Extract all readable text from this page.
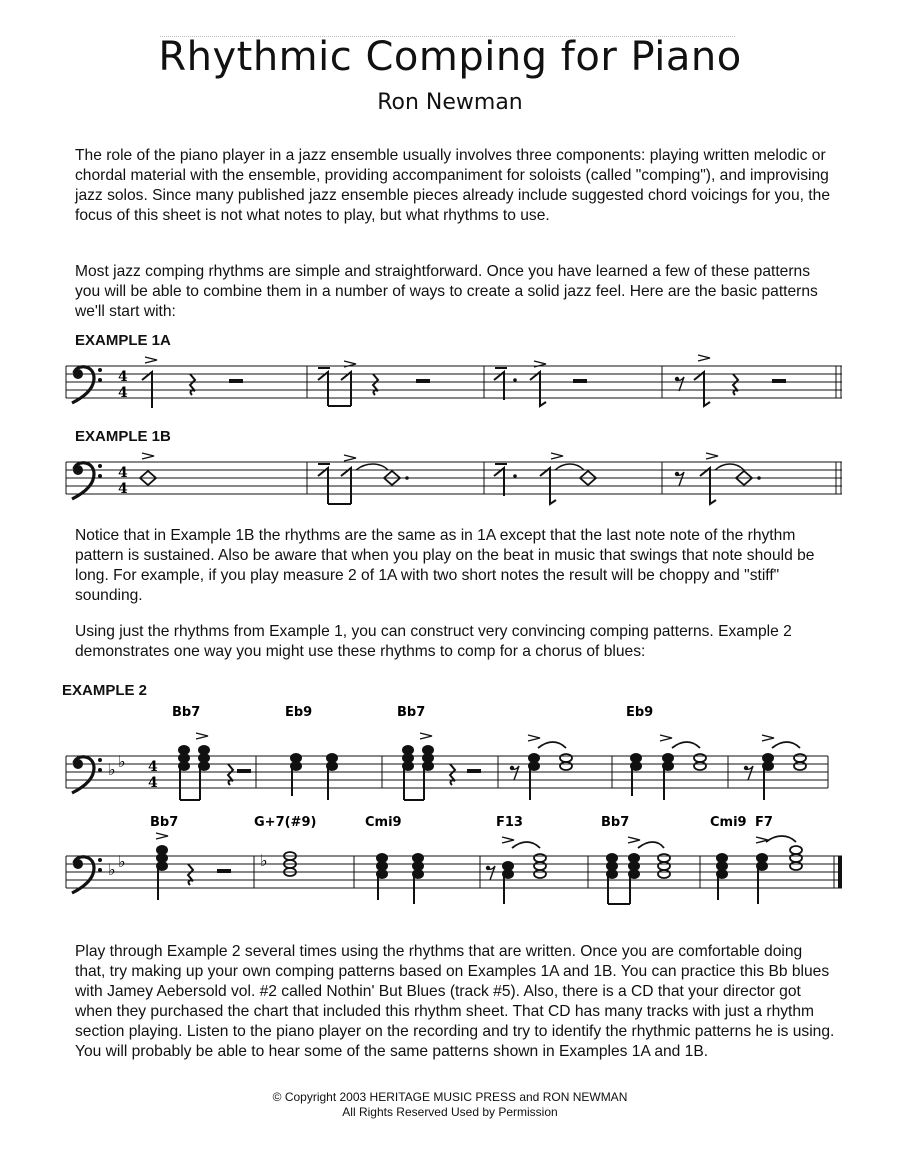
Rhythmic Comping for Piano
Ron Newman

The role of the piano player in a jazz ensemble usually involves three components: playing written melodic or chordal material with the ensemble, providing accompaniment for soloists (called "comping"), and improvising jazz solos. Since many published jazz ensemble pieces already include suggested chord voicings for you, the focus of this sheet is not what notes to play, but what rhythms to use.

Most jazz comping rhythms are simple and straightforward. Once you have learned a few of these patterns you will be able to combine them in a number of ways to create a solid jazz feel. Here are the basic patterns we'll start with:

EXAMPLE 1A
EXAMPLE 1B

Notice that in Example 1B the rhythms are the same as in 1A except that the last note note of the rhythm pattern is sustained. Also be aware that when you play on the beat in music that swings that note should be long. For example, if you play measure 2 of 1A with two short notes the result will be choppy and "stiff" sounding.

Using just the rhythms from Example 1, you can construct very convincing comping patterns. Example 2 demonstrates one way you might use these rhythms to comp for a chorus of blues:

EXAMPLE 2

Play through Example 2 several times using the rhythms that are written. Once you are comfortable doing that, try making up your own comping patterns based on Examples 1A and 1B. You can practice this Bb blues with Jamey Aebersold vol. #2 called Nothin' But Blues (track #5). Also, there is a CD that your director got when they purchased the chart that included this rhythm sheet. That CD has many tracks with just a rhythm section playing. Listen to the piano player on the recording and try to identify the rhythmic patterns he is using. You will probably be able to hear some of the same patterns shown in Examples 1A and 1B.

© Copyright 2003 HERITAGE MUSIC PRESS and RON NEWMAN
All Rights Reserved Used by Permission
4
4
4
4
♭ ♭ 4
4
Bb7	Eb9	Bb7	Eb9
♭ ♭
Bb7	G+7(#9)	Cmi9	F13	Bb7	Cmi9 F7
♭
